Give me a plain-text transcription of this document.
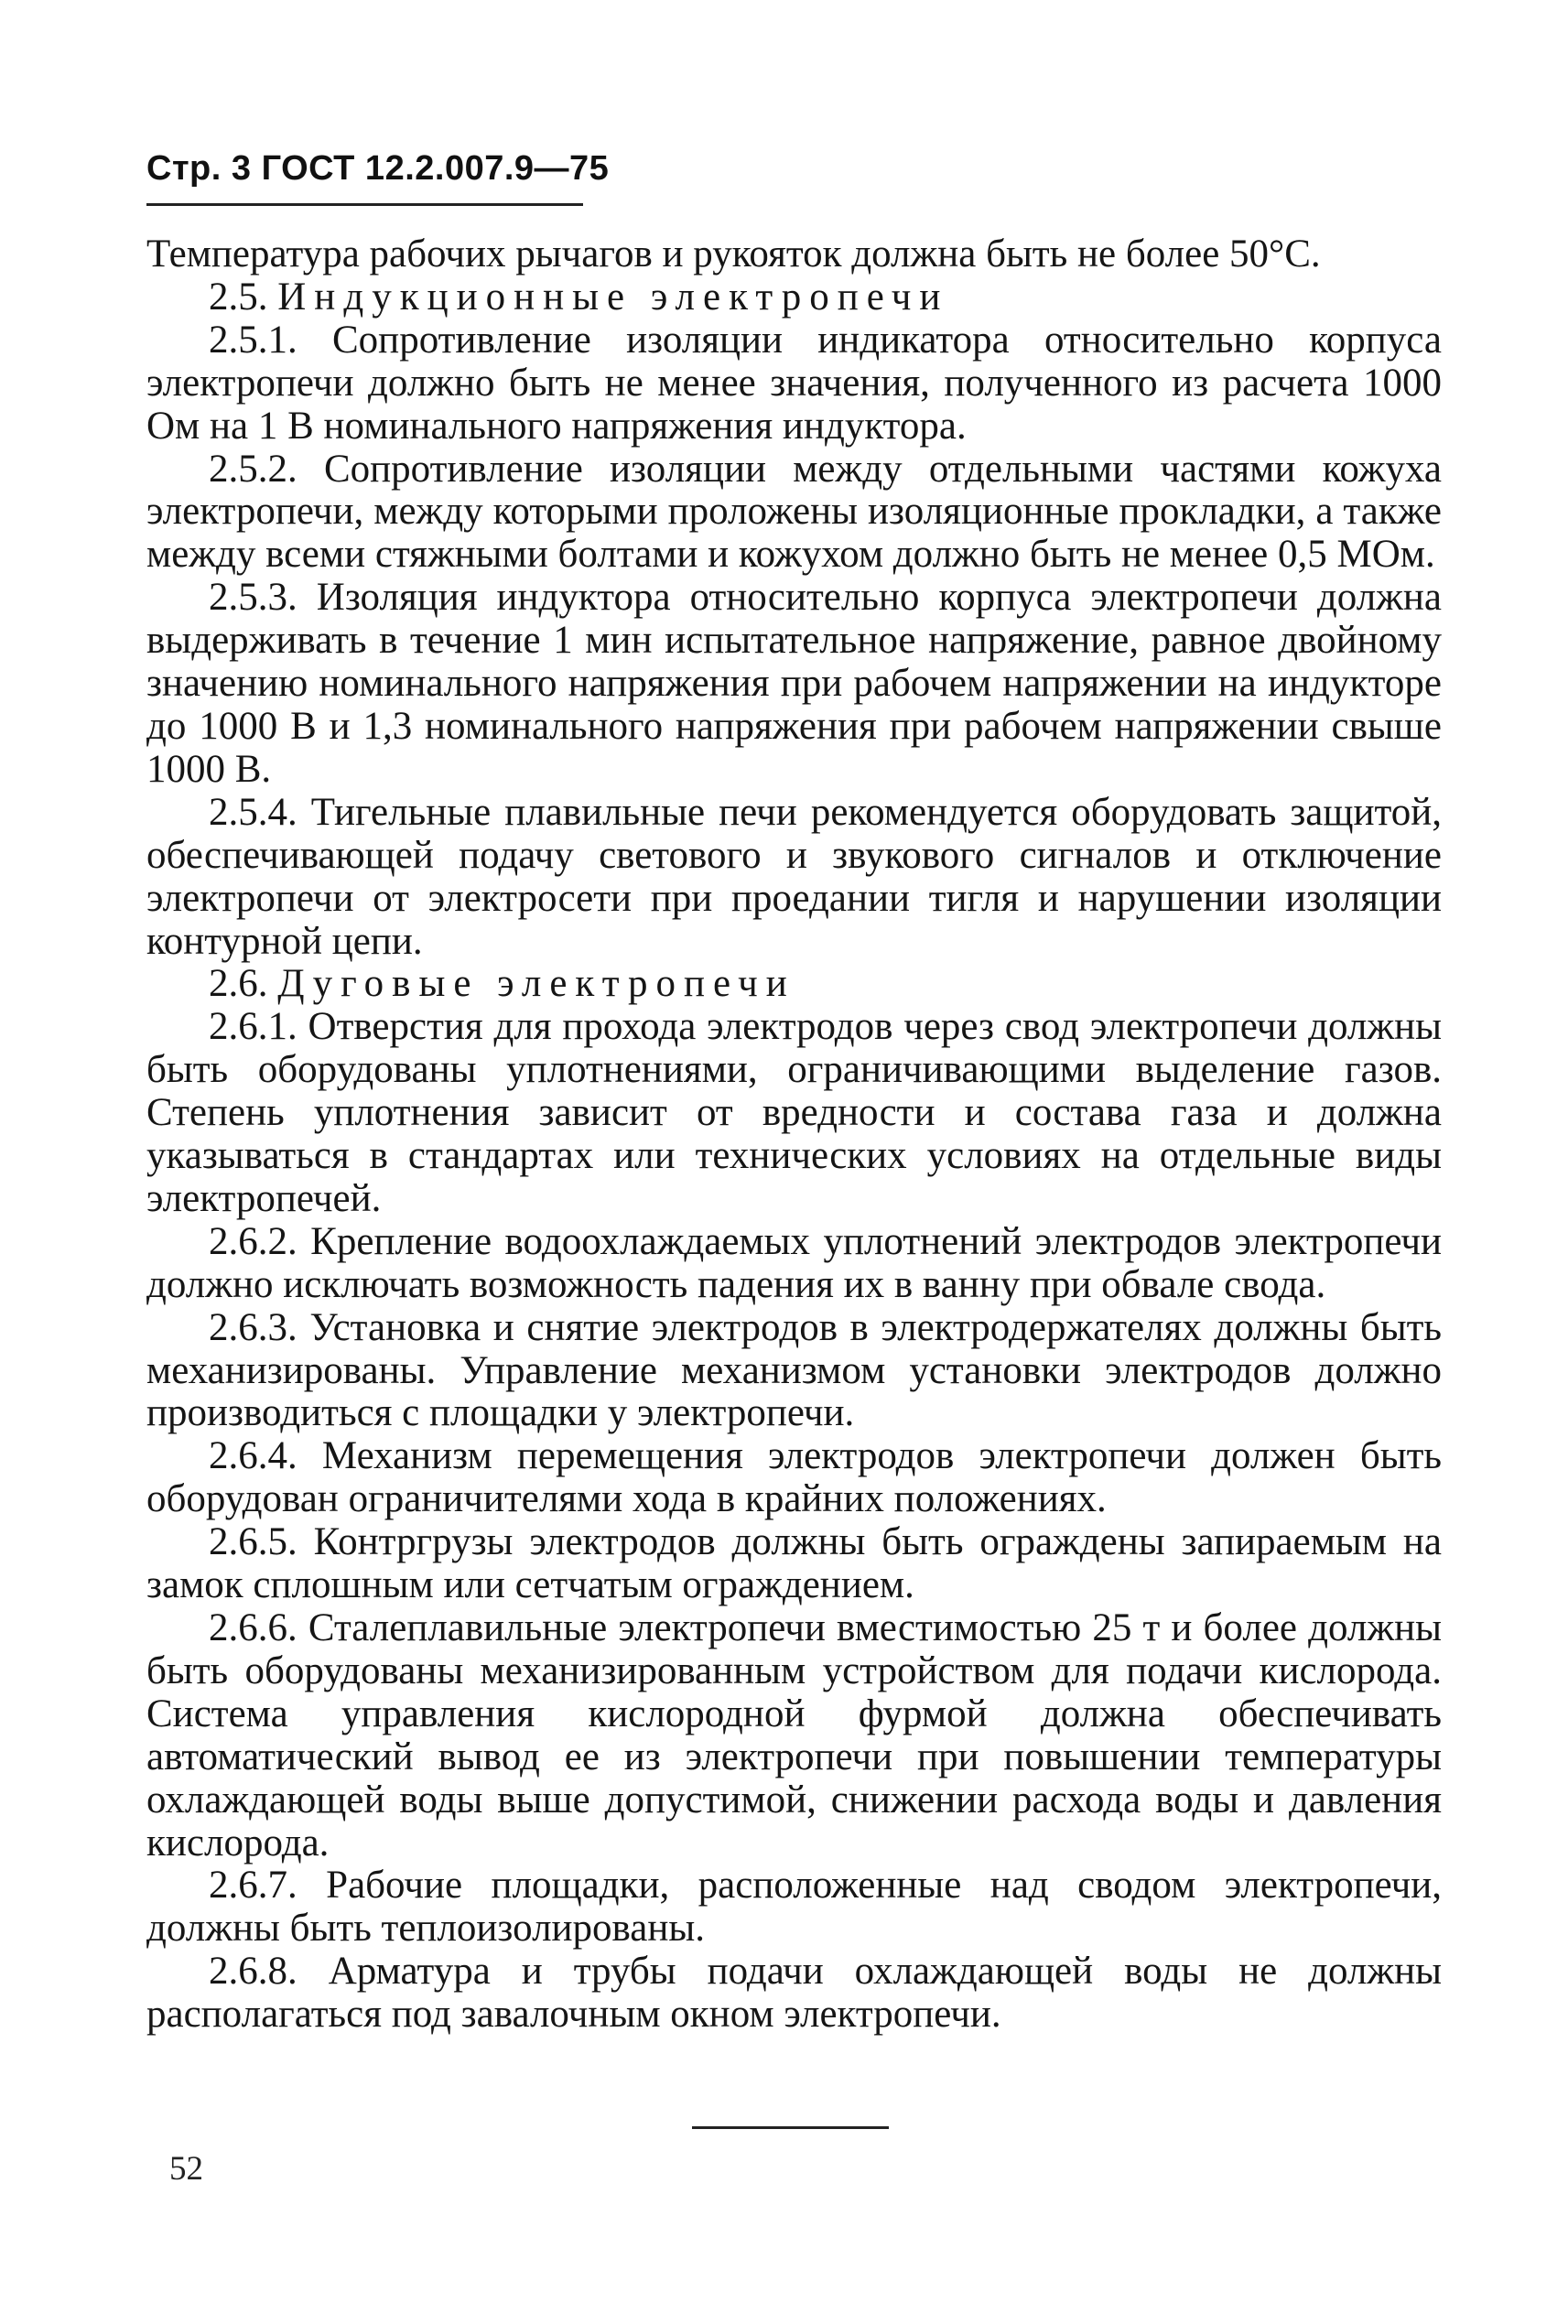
Стр. 3 ГОСТ 12.2.007.9—75

Температура рабочих рычагов и рукояток должна быть не более 50°С.

2.5. Индукционные электропечи

2.5.1. Сопротивление изоляции индикатора относительно корпуса электропечи должно быть не менее значения, полученного из расчета 1000 Ом на 1 В номинального напряжения индуктора.

2.5.2. Сопротивление изоляции между отдельными частями кожуха электропечи, между которыми проложены изоляционные прокладки, а также между всеми стяжными болтами и кожухом должно быть не менее 0,5 МОм.

2.5.3. Изоляция индуктора относительно корпуса электропечи должна выдерживать в течение 1 мин испытательное напряжение, равное двойному значению номинального напряжения при рабочем напряжении на индукторе до 1000 В и 1,3 номинального напряжения при рабочем напряжении свыше 1000 В.

2.5.4. Тигельные плавильные печи рекомендуется оборудовать защитой, обеспечивающей подачу светового и звукового сигналов и отключение электропечи от электросети при проедании тигля и нарушении изоляции контурной цепи.

2.6. Дуговые электропечи

2.6.1. Отверстия для прохода электродов через свод электропечи должны быть оборудованы уплотнениями, ограничивающими выделение газов. Степень уплотнения зависит от вредности и состава газа и должна указываться в стандартах или технических условиях на отдельные виды электропечей.

2.6.2. Крепление водоохлаждаемых уплотнений электродов электропечи должно исключать возможность падения их в ванну при обвале свода.

2.6.3. Установка и снятие электродов в электродержателях должны быть механизированы. Управление механизмом установки электродов должно производиться с площадки у электропечи.

2.6.4. Механизм перемещения электродов электропечи должен быть оборудован ограничителями хода в крайних положениях.

2.6.5. Контргрузы электродов должны быть ограждены запираемым на замок сплошным или сетчатым ограждением.

2.6.6. Сталеплавильные электропечи вместимостью 25 т и более должны быть оборудованы механизированным устройством для подачи кислорода. Система управления кислородной фурмой должна обеспечивать автоматический вывод ее из электропечи при повышении температуры охлаждающей воды выше допустимой, снижении расхода воды и давления кислорода.

2.6.7. Рабочие площадки, расположенные над сводом электропечи, должны быть теплоизолированы.

2.6.8. Арматура и трубы подачи охлаждающей воды не должны располагаться под завалочным окном электропечи.

52
